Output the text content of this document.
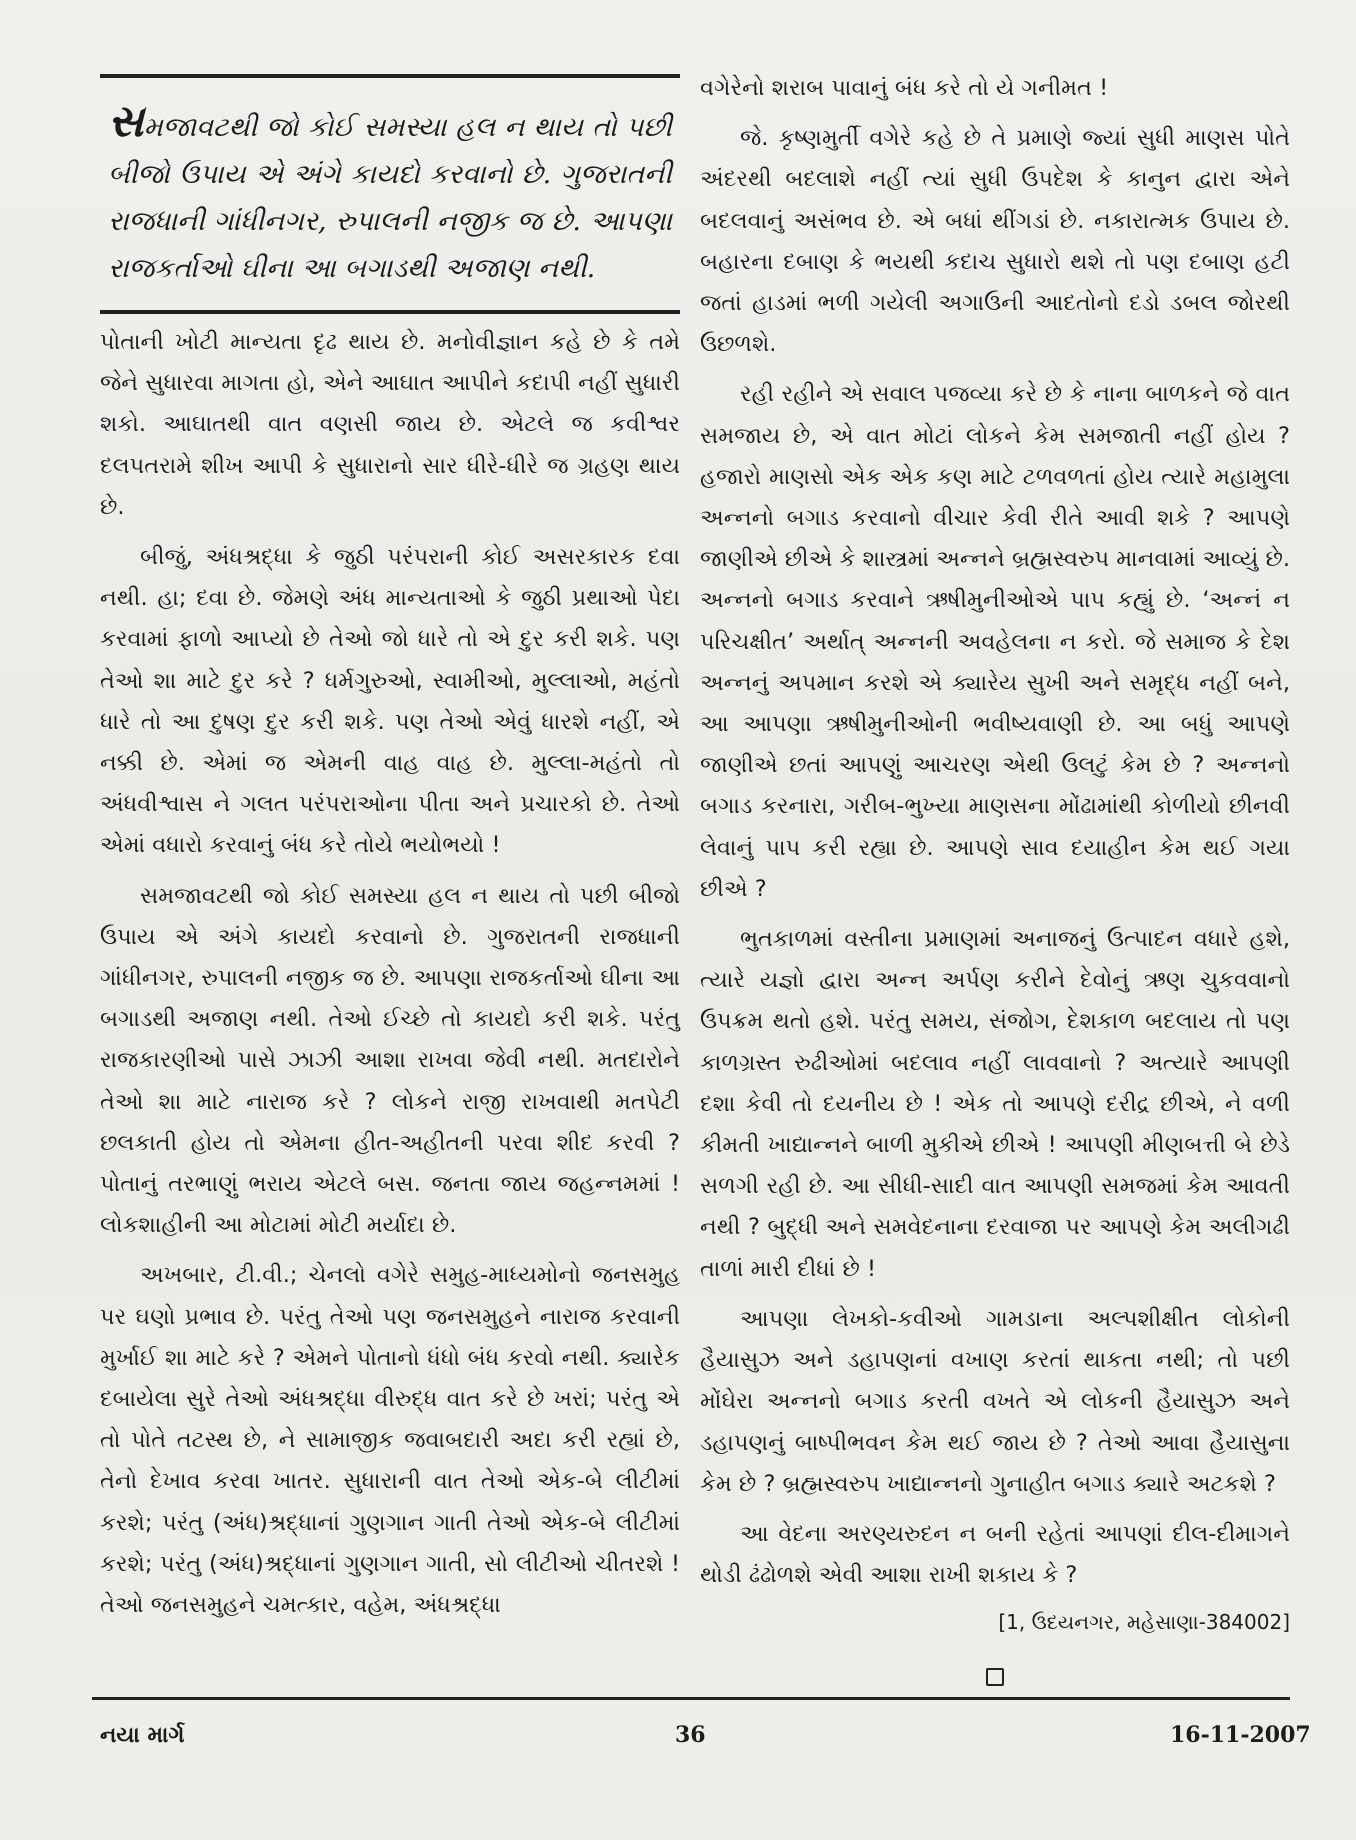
સમજાવટથી જો કોઈ સમસ્યા હલ ન થાય તો પછી બીજો ઉપાય એ અંગે કાયદો કરવાનો છે. ગુજરાતની રાજધાની ગાંધીનગર, રુપાલની નજીક જ છે. આપણા રાજકર્તાઓ ઘીના આ બગાડથી અજાણ નથી.

પોતાની ખોટી માન્યતા દૃઢ થાય છે. મનોવીજ્ઞાન કહે છે કે તમે જેને સુધારવા માગતા હો, એને આઘાત આપીને કદાપી નહીં સુધારી શકો. આઘાતથી વાત વણસી જાય છે. એટલે જ કવીશ્વર દલપતરામે શીખ આપી કે સુધારાનો સાર ધીરે-ધીરે જ ગ્રહણ થાય છે.

બીજું, અંધશ્રદ્ધા કે જુઠી પરંપરાની કોઈ અસરકારક દવા નથી. હા; દવા છે. જેમણે અંધ માન્યતાઓ કે જુઠી પ્રથાઓ પેદા કરવામાં ફાળો આપ્યો છે તેઓ જો ધારે તો એ દુર કરી શકે. પણ તેઓ શા માટે દુર કરે ? ધર્મગુરુઓ, સ્વામીઓ, મુલ્લાઓ, મહંતો ધારે તો આ દુષણ દુર કરી શકે. પણ તેઓ એવું ધારશે નહીં, એ નક્કી છે. એમાં જ એમની વાહ વાહ છે. મુલ્લા-મહંતો તો અંધવીશ્વાસ ને ગલત પરંપરાઓના પીતા અને પ્રચારકો છે. તેઓ એમાં વધારો કરવાનું બંધ કરે તોયે ભયોભયો !

સમજાવટથી જો કોઈ સમસ્યા હલ ન થાય તો પછી બીજો ઉપાય એ અંગે કાયદો કરવાનો છે. ગુજરાતની રાજધાની ગાંધીનગર, રુપાલની નજીક જ છે. આપણા રાજકર્તાઓ ઘીના આ બગાડથી અજાણ નથી. તેઓ ઈચ્છે તો કાયદો કરી શકે. પરંતુ રાજકારણીઓ પાસે ઝાઝી આશા રાખવા જેવી નથી. મતદારોને તેઓ શા માટે નારાજ કરે ? લોકને રાજી રાખવાથી મતપેટી છલકાતી હોય તો એમના હીત-અહીતની પરવા શીદ કરવી ? પોતાનું તરભાણું ભરાય એટલે બસ. જનતા જાય જહન્નમમાં ! લોકશાહીની આ મોટામાં મોટી મર્યાદા છે.

અખબાર, ટી.વી.; ચેનલો વગેરે સમુહ-માધ્યમોનો જનસમુહ પર ઘણો પ્રભાવ છે. પરંતુ તેઓ પણ જનસમુહને નારાજ કરવાની મુર્ખાઈ શા માટે કરે ? એમને પોતાનો ધંધો બંધ કરવો નથી. ક્યારેક દબાયેલા સુરે તેઓ અંધશ્રદ્ધા વીરુદ્ધ વાત કરે છે ખરાં; પરંતુ એ તો પોતે તટસ્થ છે, ને સામાજીક જવાબદારી અદા કરી રહ્યાં છે, તેનો દેખાવ કરવા ખાતર. સુધારાની વાત તેઓ એક-બે લીટીમાં કરશે; પરંતુ (અંધ)શ્રદ્ધાનાં ગુણગાન ગાતી તેઓ એક-બે લીટીમાં કરશે; પરંતુ (અંધ)શ્રદ્ધાનાં ગુણગાન ગાતી, સો લીટીઓ ચીતરશે ! તેઓ જનસમુહને ચમત્કાર, વહેમ, અંધશ્રદ્ધા

વગેરેનો શરાબ પાવાનું બંધ કરે તો યે ગનીમત !

જે. કૃષ્ણમુર્તી વગેરે કહે છે તે પ્રમાણે જ્યાં સુધી માણસ પોતે અંદરથી બદલાશે નહીં ત્યાં સુધી ઉપદેશ કે કાનુન દ્વારા એને બદલવાનું અસંભવ છે. એ બધાં થીંગડાં છે. નકારાત્મક ઉપાય છે. બહારના દબાણ કે ભયથી કદાચ સુધારો થશે તો પણ દબાણ હટી જતાં હાડમાં ભળી ગયેલી અગાઉની આદતોનો દડો ડબલ જોરથી ઉછળશે.

રહી રહીને એ સવાલ પજવ્યા કરે છે કે નાના બાળકને જે વાત સમજાય છે, એ વાત મોટાં લોકને કેમ સમજાતી નહીં હોય ? હજારો માણસો એક એક કણ માટે ટળવળતાં હોય ત્યારે મહામુલા અન્નનો બગાડ કરવાનો વીચાર કેવી રીતે આવી શકે ? આપણે જાણીએ છીએ કે શાસ્ત્રમાં અન્નને બ્રહ્મસ્વરુપ માનવામાં આવ્યું છે. અન્નનો બગાડ કરવાને ઋષીમુનીઓએ પાપ કહ્યું છે. ‘અન્નં ન પરિચક્ષીત’ અર્થાત્ અન્નની અવહેલના ન કરો. જે સમાજ કે દેશ અન્નનું અપમાન કરશે એ ક્યારેય સુખી અને સમૃદ્ધ નહીં બને, આ આપણા ઋષીમુનીઓની ભવીષ્યવાણી છે. આ બધું આપણે જાણીએ છતાં આપણું આચરણ એથી ઉલટું કેમ છે ? અન્નનો બગાડ કરનારા, ગરીબ-ભુખ્યા માણસના મોંઢામાંથી કોળીયો છીનવી લેવાનું પાપ કરી રહ્યા છે. આપણે સાવ દયાહીન કેમ થઈ ગયા છીએ ?

ભુતકાળમાં વસ્તીના પ્રમાણમાં અનાજનું ઉત્પાદન વધારે હશે, ત્યારે યજ્ઞો દ્વારા અન્ન અર્પણ કરીને દેવોનું ઋણ ચુકવવાનો ઉપક્રમ થતો હશે. પરંતુ સમય, સંજોગ, દેશકાળ બદલાય તો પણ કાળગ્રસ્ત રુઢીઓમાં બદલાવ નહીં લાવવાનો ? અત્યારે આપણી દશા કેવી તો દયનીય છે ! એક તો આપણે દરીદ્ર છીએ, ને વળી કીમતી ખાદ્યાન્નને બાળી મુકીએ છીએ ! આપણી મીણબત્તી બે છેડે સળગી રહી છે. આ સીધી-સાદી વાત આપણી સમજમાં કેમ આવતી નથી ? બુદ્ધી અને સમવેદનાના દરવાજા પર આપણે કેમ અલીગઢી તાળાં મારી દીધાં છે !

આપણા લેખકો-કવીઓ ગામડાના અલ્પશીક્ષીત લોકોની હૈયાસુઝ અને ડહાપણનાં વખાણ કરતાં થાકતા નથી; તો પછી મોંઘેરા અન્નનો બગાડ કરતી વખતે એ લોકની હૈયાસુઝ અને ડહાપણનું બાષ્પીભવન કેમ થઈ જાય છે ? તેઓ આવા હૈયાસુના કેમ છે ? બ્રહ્મસ્વરુપ ખાદ્યાન્નનો ગુનાહીત બગાડ ક્યારે અટકશે ?

આ વેદના અરણ્યરુદન ન બની રહેતાં આપણાં દીલ-દીમાગને થોડી ઢંઢોળશે એવી આશા રાખી શકાય કે ?

[1, ઉદયનગર, મહેસાણા-384002]

નયા માર્ગ	36	16-11-2007
